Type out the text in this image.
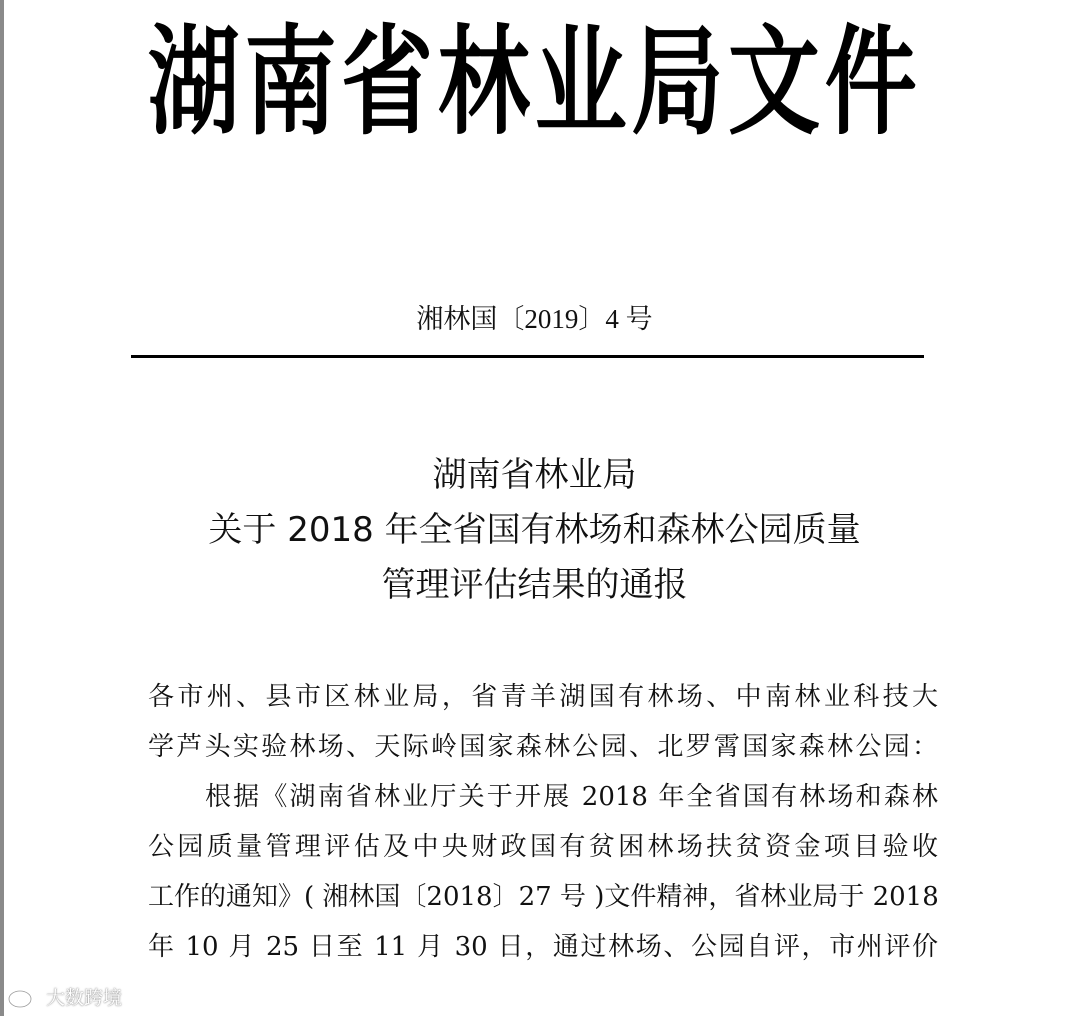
湖南省林业局文件
湘林国〔2019〕4 号
湖南省林业局
关于 2018 年全省国有林场和森林公园质量
管理评估结果的通报
各市州、县市区林业局，省青羊湖国有林场、中南林业科技大
学芦头实验林场、天际岭国家森林公园、北罗霄国家森林公园：
根据《湖南省林业厅关于开展 2018 年全省国有林场和森林
公园质量管理评估及中央财政国有贫困林场扶贫资金项目验收
工作的通知》( 湘林国〔2018〕27 号 )文件精神，省林业局于 2018
年 10 月 25 日至 11 月 30 日，通过林场、公园自评，市州评价
大数跨境
